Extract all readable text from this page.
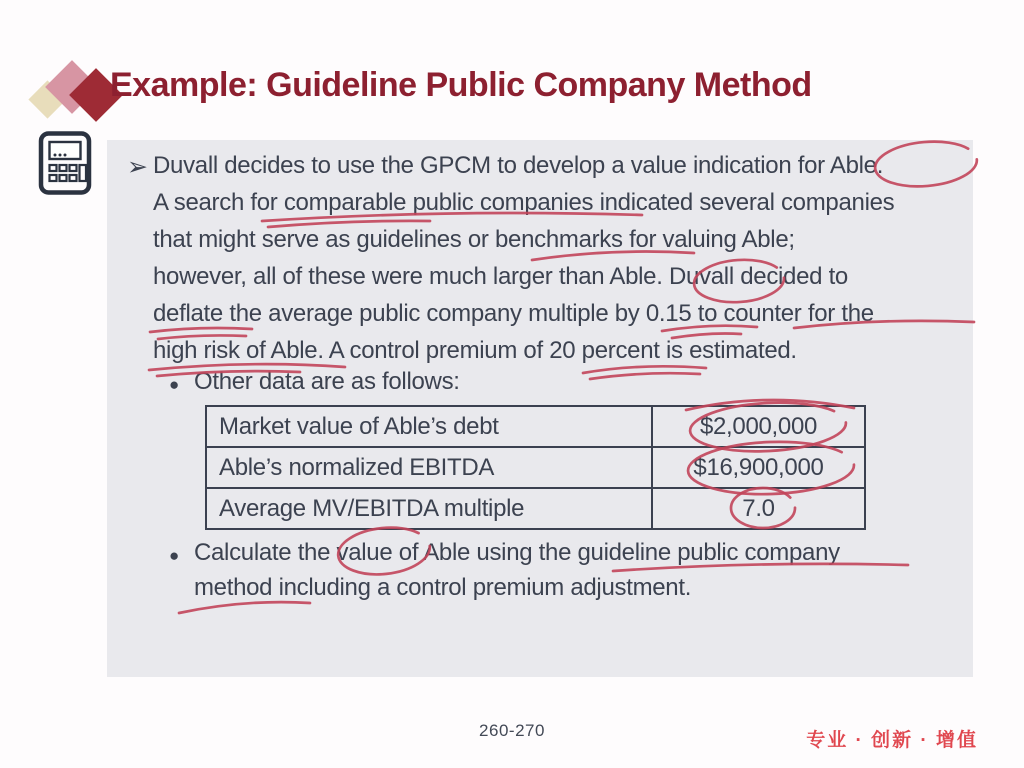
Example: Guideline Public Company Method
➢ Duvall decides to use the GPCM to develop a value indication for Able.
A search for comparable public companies indicated several companies
that might serve as guidelines or benchmarks for valuing Able;
however, all of these were much larger than Able. Duvall decided to
deflate the average public company multiple by 0.15 to counter for the
high risk of Able. A control premium of 20 percent is estimated.
● Other data are as follows:
Market value of Able’s debt	$2,000,000
Able’s normalized EBITDA	$16,900,000
Average MV/EBITDA multiple	7.0
● Calculate the value of Able using the guideline public company
method including a control premium adjustment.
260-270	专业 · 创新 · 增值
